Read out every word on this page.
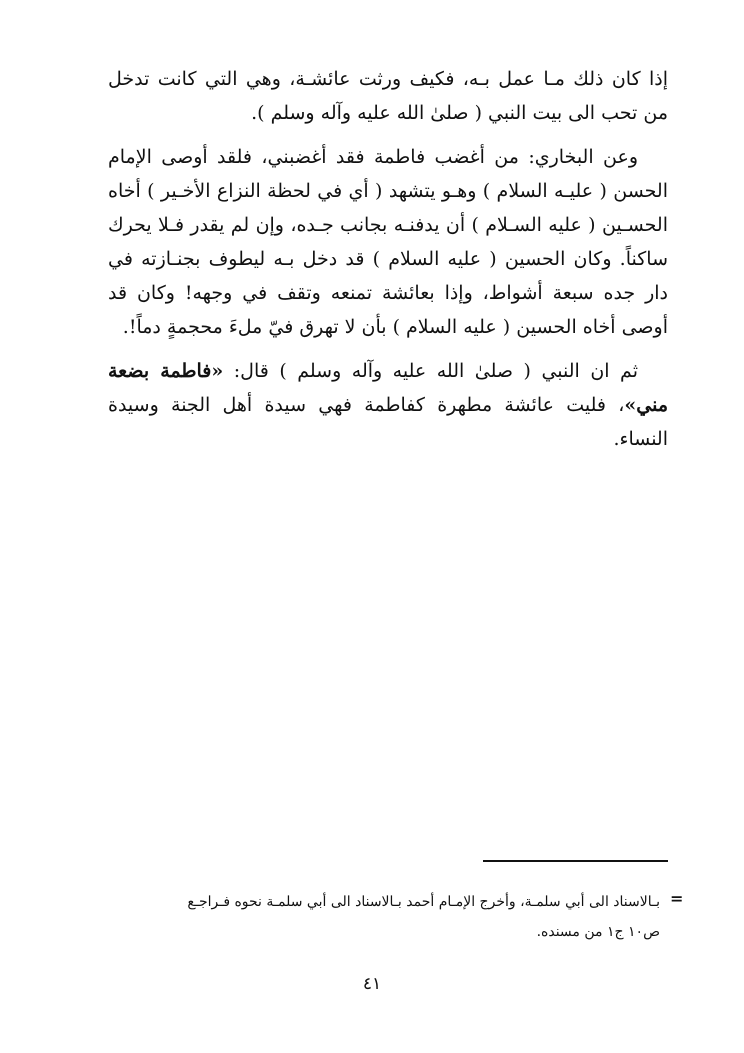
إذا كان ذلك مـا عمل بـه، فكيف ورثت عائشـة، وهي التي كانت تدخل من تحب الى بيت النبي ( صلىٰ الله عليه وآله وسلم ).

وعن البخاري: من أغضب فاطمة فقد أغضبني، فلقد أوصى الإمام الحسن ( عليـه السلام ) وهـو يتشهد ( أي في لحظة النزاع الأخـير ) أخاه الحسـين ( عليه السـلام ) أن يدفنـه بجانب جـده، وإن لم يقدر فـلا يحرك ساكناً. وكان الحسين ( عليه السلام ) قد دخل بـه ليطوف بجنـازته في دار جده سبعة أشواط، وإذا بعائشة تمنعه وتقف في وجهه! وكان قد أوصى أخاه الحسين ( عليه السلام ) بأن لا تهرق فيّ ملءَ محجمةٍ دماً!.

ثم ان النبي ( صلىٰ الله عليه وآله وسلم ) قال: «فاطمة بضعة مني»، فليت عائشة مطهرة كفاطمة فهي سيدة أهل الجنة وسيدة النساء.

=

بـالاسناد الى أبي سلمـة، وأخرج الإمـام أحمد بـالاسناد الى أبي سلمـة نحوه فـراجـع

ص١٠ ج١ من مسنده.

٤١
